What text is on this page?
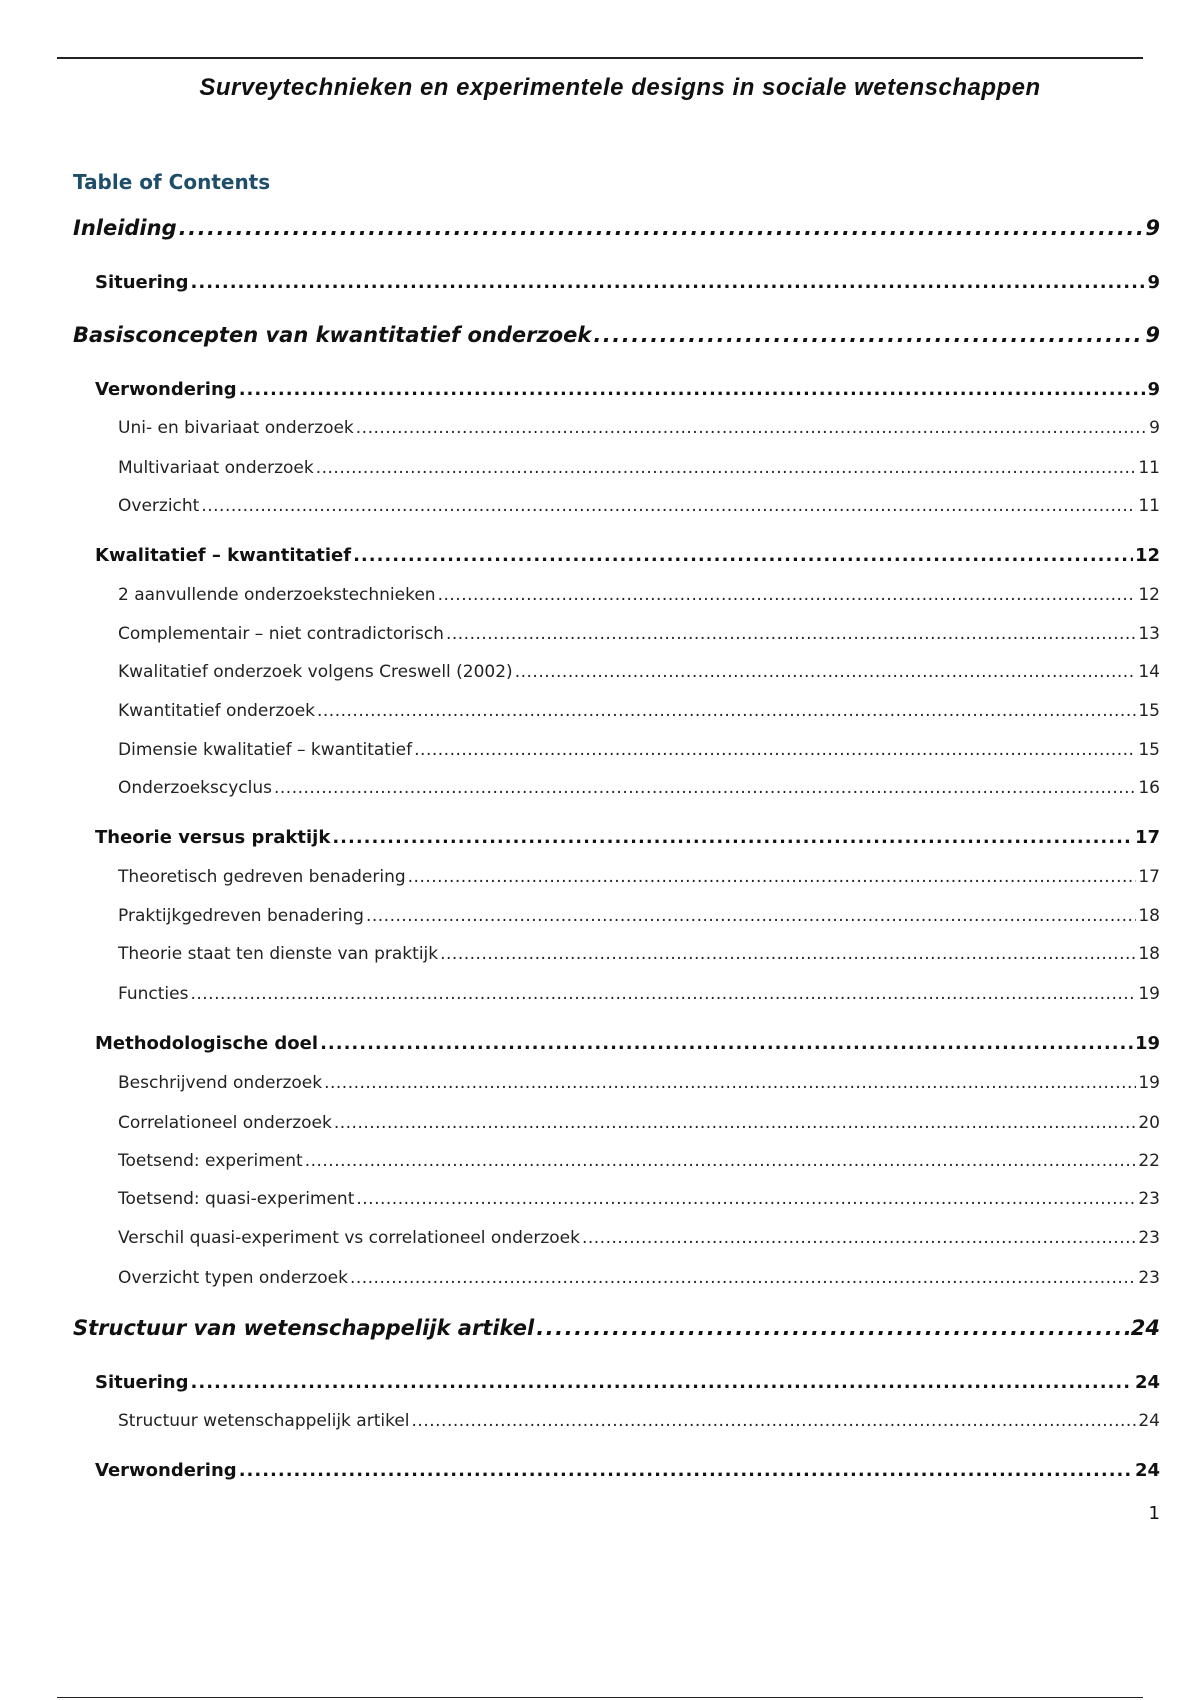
Surveytechnieken en experimentele designs in sociale wetenschappen
Table of Contents
Inleiding .....	9
Situering .....	9
Basisconcepten van kwantitatief onderzoek .....	9
Verwondering .....	9
Uni- en bivariaat onderzoek .....	9
Multivariaat onderzoek .....	11
Overzicht .....	11
Kwalitatief – kwantitatief .....	12
2 aanvullende onderzoekstechnieken .....	12
Complementair – niet contradictorisch .....	13
Kwalitatief onderzoek volgens Creswell (2002) .....	14
Kwantitatief onderzoek .....	15
Dimensie kwalitatief – kwantitatief .....	15
Onderzoekscyclus .....	16
Theorie versus praktijk .....	17
Theoretisch gedreven benadering .....	17
Praktijkgedreven benadering .....	18
Theorie staat ten dienste van praktijk .....	18
Functies .....	19
Methodologische doel .....	19
Beschrijvend onderzoek .....	19
Correlationeel onderzoek .....	20
Toetsend: experiment .....	22
Toetsend: quasi-experiment .....	23
Verschil quasi-experiment vs correlationeel onderzoek .....	23
Overzicht typen onderzoek .....	23
Structuur van wetenschappelijk artikel .....	24
Situering .....	24
Structuur wetenschappelijk artikel .....	24
Verwondering .....	24
1
